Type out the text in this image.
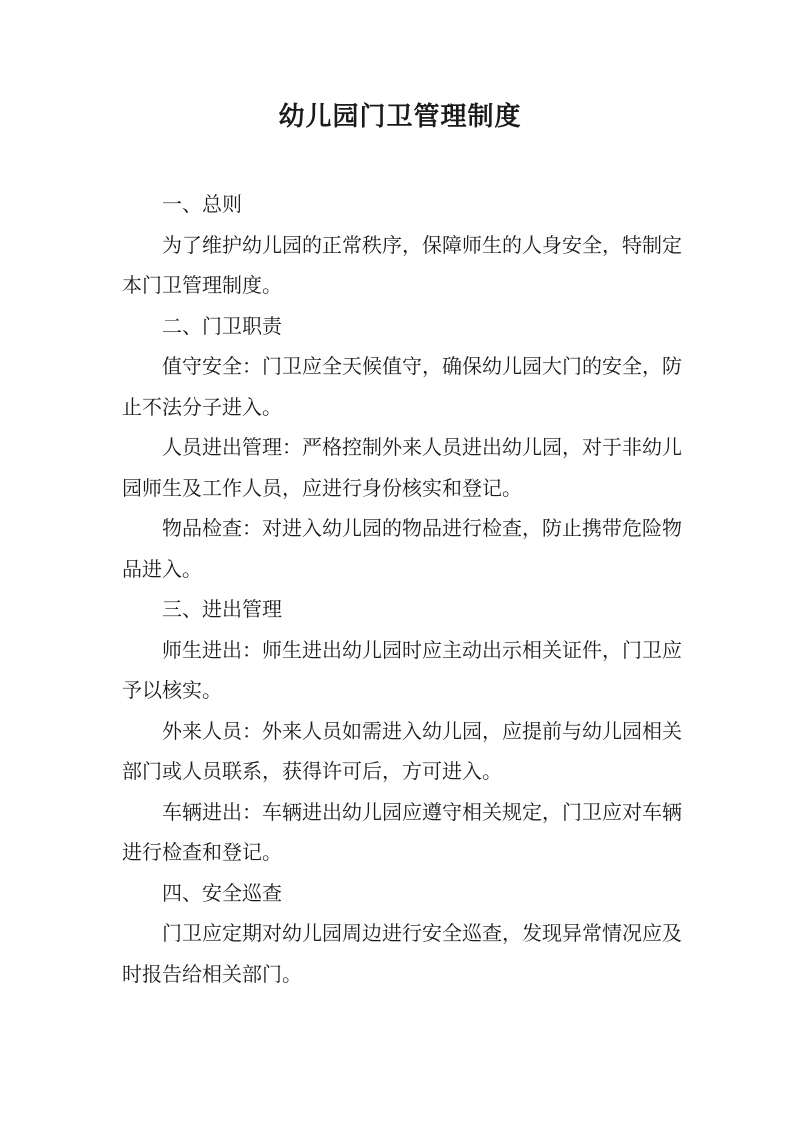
幼儿园门卫管理制度

一、总则

为了维护幼儿园的正常秩序，保障师生的人身安全，特制定本门卫管理制度。

二、门卫职责

值守安全：门卫应全天候值守，确保幼儿园大门的安全，防止不法分子进入。

人员进出管理：严格控制外来人员进出幼儿园，对于非幼儿园师生及工作人员，应进行身份核实和登记。

物品检查：对进入幼儿园的物品进行检查，防止携带危险物品进入。

三、进出管理

师生进出：师生进出幼儿园时应主动出示相关证件，门卫应予以核实。

外来人员：外来人员如需进入幼儿园，应提前与幼儿园相关部门或人员联系，获得许可后，方可进入。

车辆进出：车辆进出幼儿园应遵守相关规定，门卫应对车辆进行检查和登记。

四、安全巡查

门卫应定期对幼儿园周边进行安全巡查，发现异常情况应及时报告给相关部门。
